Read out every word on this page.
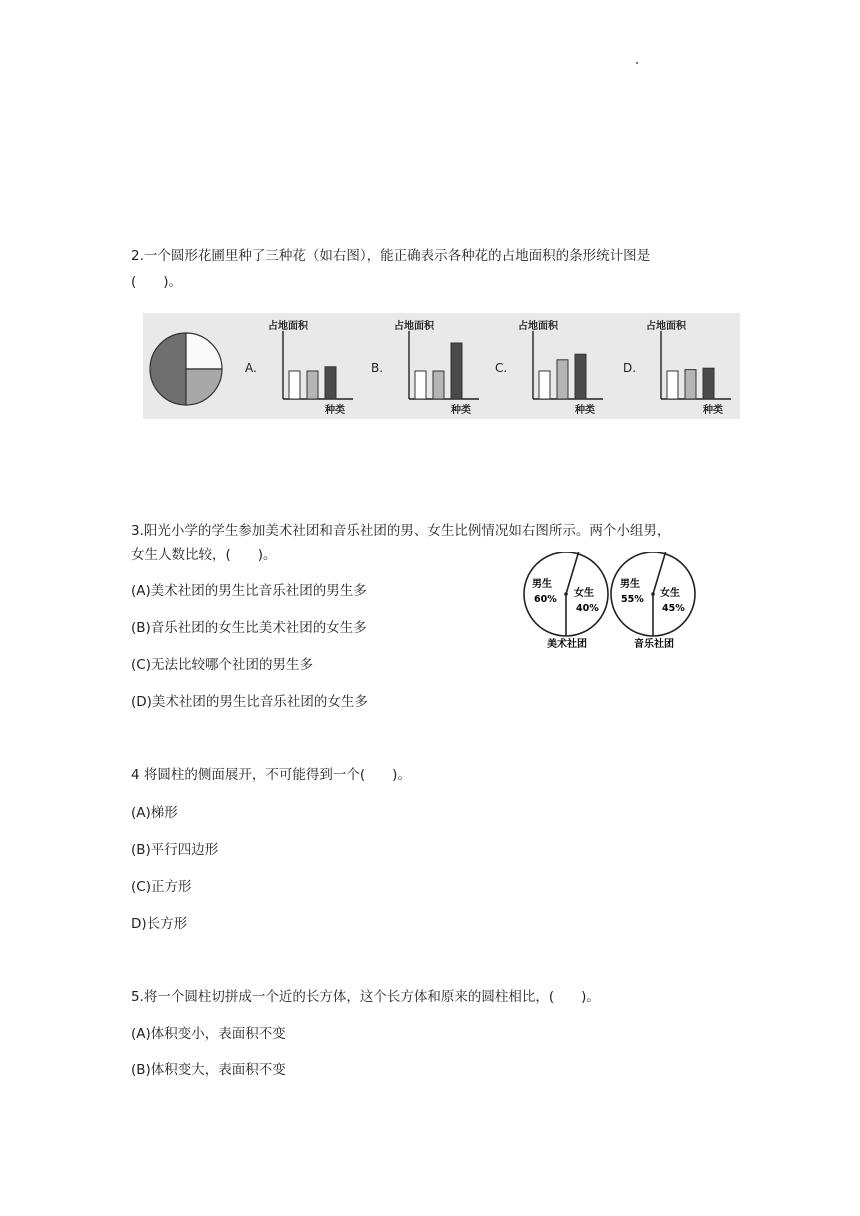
2.一个圆形花圃里种了三种花（如右图），能正确表示各种花的占地面积的条形统计图是
(　　)。
A.
占地面积
种类
B.
占地面积
种类
C.
占地面积
种类
D.
占地面积
种类
3.阳光小学的学生参加美术社团和音乐社团的男、女生比例情况如右图所示。两个小组男，
女生人数比较，(　　)。
(A)美术社团的男生比音乐社团的男生多
(B)音乐社团的女生比美术社团的女生多
(C)无法比较哪个社团的男生多
(D)美术社团的男生比音乐社团的女生多
男生
60%
女生
40%
美术社团
男生
55%
女生
45%
音乐社团
4 将圆柱的侧面展开，不可能得到一个(　　)。
(A)梯形
(B)平行四边形
(C)正方形
D)长方形
5.将一个圆柱切拼成一个近的长方体，这个长方体和原来的圆柱相比，(　　)。
(A)体积变小，表面积不变
(B)体积变大，表面积不变
